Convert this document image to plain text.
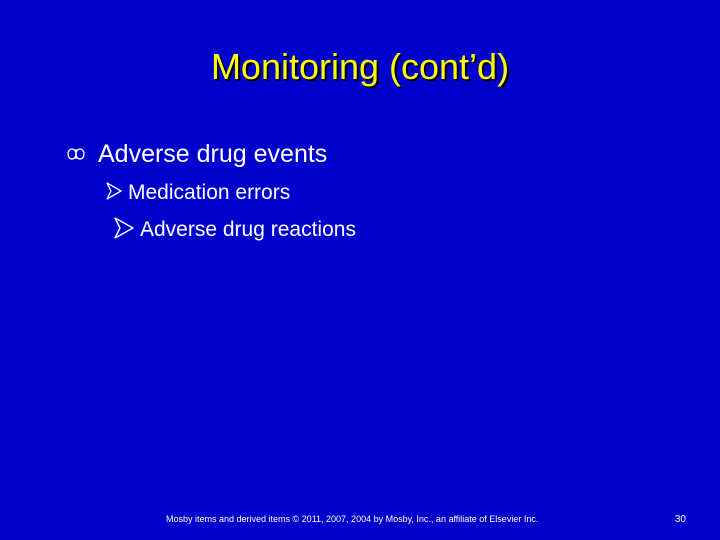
Monitoring (cont’d)
Adverse drug events
Medication errors
Adverse drug reactions
Mosby items and derived items © 2011, 2007, 2004 by Mosby, Inc., an affiliate of Elsevier Inc.	30
